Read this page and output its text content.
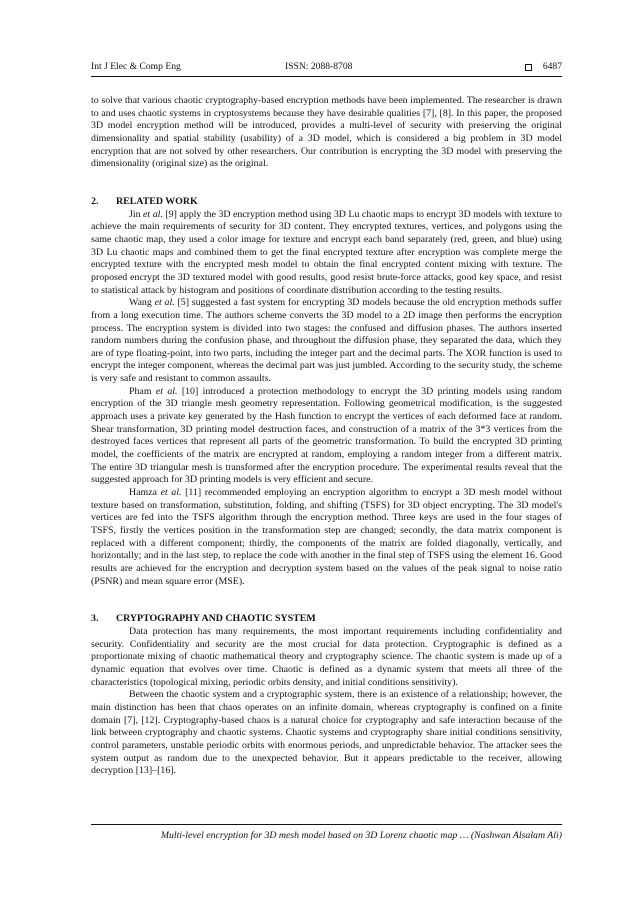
Int J Elec & Comp Eng	ISSN: 2088-8708	6487

to solve that various chaotic cryptography-based encryption methods have been implemented. The researcher is drawn to and uses chaotic systems in cryptosystems because they have desirable qualities [7], [8]. In this paper, the proposed 3D model encryption method will be introduced, provides a multi-level of security with preserving the original dimensionality and spatial stability (usability) of a 3D model, which is considered a big problem in 3D model encryption that are not solved by other researchers. Our contribution is encrypting the 3D model with preserving the dimensionality (original size) as the original.

2. RELATED WORK

Jin et al. [9] apply the 3D encryption method using 3D Lu chaotic maps to encrypt 3D models with texture to achieve the main requirements of security for 3D content. They encrypted textures, vertices, and polygons using the same chaotic map, they used a color image for texture and encrypt each band separately (red, green, and blue) using 3D Lu chaotic maps and combined them to get the final encrypted texture after encryption was complete merge the encrypted texture with the encrypted mesh model to obtain the final encrypted content mixing with texture. The proposed encrypt the 3D textured model with good results, good resist brute-force attacks, good key space, and resist to statistical attack by histogram and positions of coordinate distribution according to the testing results.

Wang et al. [5] suggested a fast system for encrypting 3D models because the old encryption methods suffer from a long execution time. The authors scheme converts the 3D model to a 2D image then performs the encryption process. The encryption system is divided into two stages: the confused and diffusion phases. The authors inserted random numbers during the confusion phase, and throughout the diffusion phase, they separated the data, which they are of type floating-point, into two parts, including the integer part and the decimal parts. The XOR function is used to encrypt the integer component, whereas the decimal part was just jumbled. According to the security study, the scheme is very safe and resistant to common assaults.

Pham et al. [10] introduced a protection methodology to encrypt the 3D printing models using random encryption of the 3D triangle mesh geometry representation. Following geometrical modification, is the suggested approach uses a private key generated by the Hash function to encrypt the vertices of each deformed face at random. Shear transformation, 3D printing model destruction faces, and construction of a matrix of the 3*3 vertices from the destroyed faces vertices that represent all parts of the geometric transformation. To build the encrypted 3D printing model, the coefficients of the matrix are encrypted at random, employing a random integer from a different matrix. The entire 3D triangular mesh is transformed after the encryption procedure. The experimental results reveal that the suggested approach for 3D printing models is very efficient and secure.

Hamza et al. [11] recommended employing an encryption algorithm to encrypt a 3D mesh model without texture based on transformation, substitution, folding, and shifting (TSFS) for 3D object encrypting. The 3D model's vertices are fed into the TSFS algorithm through the encryption method. Three keys are used in the four stages of TSFS, firstly the vertices position in the transformation step are changed; secondly, the data matrix component is replaced with a different component; thirdly, the components of the matrix are folded diagonally, vertically, and horizontally; and in the last step, to replace the code with another in the final step of TSFS using the element 16. Good results are achieved for the encryption and decryption system based on the values of the peak signal to noise ratio (PSNR) and mean square error (MSE).

3. CRYPTOGRAPHY AND CHAOTIC SYSTEM

Data protection has many requirements, the most important requirements including confidentiality and security. Confidentiality and security are the most crucial for data protection. Cryptographic is defined as a proportionate mixing of chaotic mathematical theory and cryptography science. The chaotic system is made up of a dynamic equation that evolves over time. Chaotic is defined as a dynamic system that meets all three of the characteristics (topological mixing, periodic orbits density, and initial conditions sensitivity).

Between the chaotic system and a cryptographic system, there is an existence of a relationship; however, the main distinction has been that chaos operates on an infinite domain, whereas cryptography is confined on a finite domain [7], [12]. Cryptography-based chaos is a natural choice for cryptography and safe interaction because of the link between cryptography and chaotic systems. Chaotic systems and cryptography share initial conditions sensitivity, control parameters, unstable periodic orbits with enormous periods, and unpredictable behavior. The attacker sees the system output as random due to the unexpected behavior. But it appears predictable to the receiver, allowing decryption [13]–[16].

Multi-level encryption for 3D mesh model based on 3D Lorenz chaotic map … (Nashwan Alsalam Ali)
